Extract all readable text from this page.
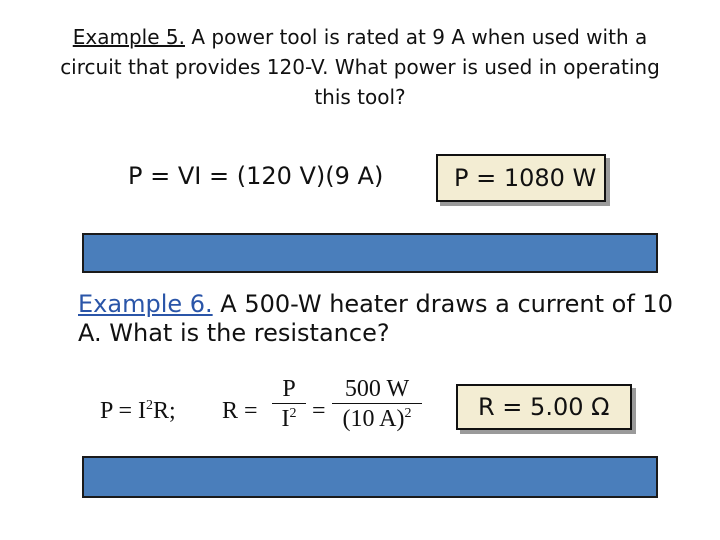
Example 5. A power tool is rated at 9 A when used with a circuit that provides 120-V. What power is used in operating this tool?
P = VI = (120 V)(9 A)	P = 1080 W
Example 6. A 500-W heater draws a current of 10 A. What is the resistance?
$P = I^2R$; $R = \frac{P}{I^2} = \frac{500 W}{(10 A)^2}$	R = 5.00 Ω
